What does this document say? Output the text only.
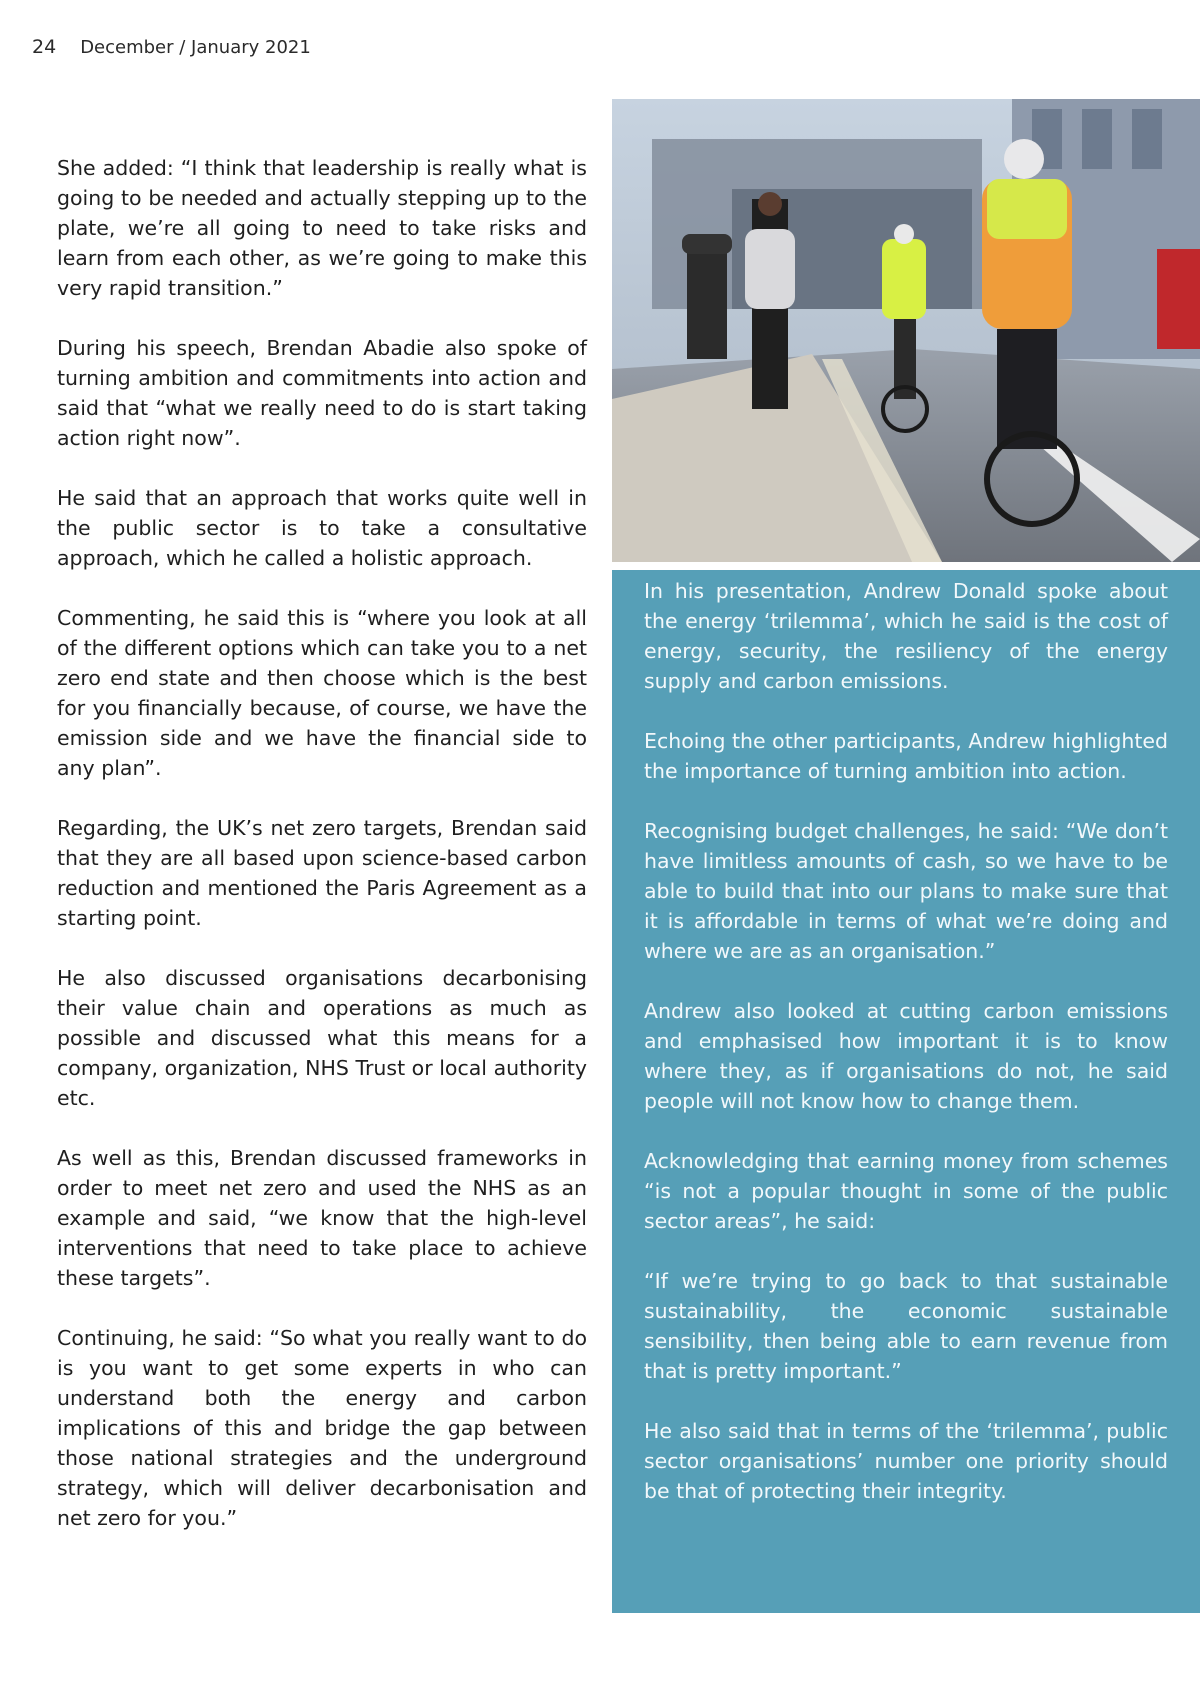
24 December / January 2021

She added: “I think that leadership is really what is going to be needed and actually stepping up to the plate, we’re all going to need to take risks and learn from each other, as we’re going to make this very rapid transition.”

During his speech, Brendan Abadie also spoke of turning ambition and commitments into action and said that “what we really need to do is start taking action right now”.

He said that an approach that works quite well in the public sector is to take a consultative approach, which he called a holistic approach.

Commenting, he said this is “where you look at all of the different options which can take you to a net zero end state and then choose which is the best for you financially because, of course, we have the emission side and we have the financial side to any plan”.

Regarding, the UK’s net zero targets, Brendan said that they are all based upon science-based carbon reduction and mentioned the Paris Agreement as a starting point.

He also discussed organisations decarbonising their value chain and operations as much as possible and discussed what this means for a company, organization, NHS Trust or local authority etc.

As well as this, Brendan discussed frameworks in order to meet net zero and used the NHS as an example and said, “we know that the high-level interventions that need to take place to achieve these targets”.

Continuing, he said: “So what you really want to do is you want to get some experts in who can understand both the energy and carbon implications of this and bridge the gap between those national strategies and the underground strategy, which will deliver decarbonisation and net zero for you.”

In his presentation, Andrew Donald spoke about the energy ‘trilemma’, which he said is the cost of energy, security, the resiliency of the energy supply and carbon emissions.

Echoing the other participants, Andrew highlighted the importance of turning ambition into action.

Recognising budget challenges, he said: “We don’t have limitless amounts of cash, so we have to be able to build that into our plans to make sure that it is affordable in terms of what we’re doing and where we are as an organisation.”

Andrew also looked at cutting carbon emissions and emphasised how important it is to know where they, as if organisations do not, he said people will not know how to change them.

Acknowledging that earning money from schemes “is not a popular thought in some of the public sector areas”, he said:

“If we’re trying to go back to that sustainable sustainability, the economic sustainable sensibility, then being able to earn revenue from that is pretty important.”

He also said that in terms of the ‘trilemma’, public sector organisations’ number one priority should be that of protecting their integrity.
